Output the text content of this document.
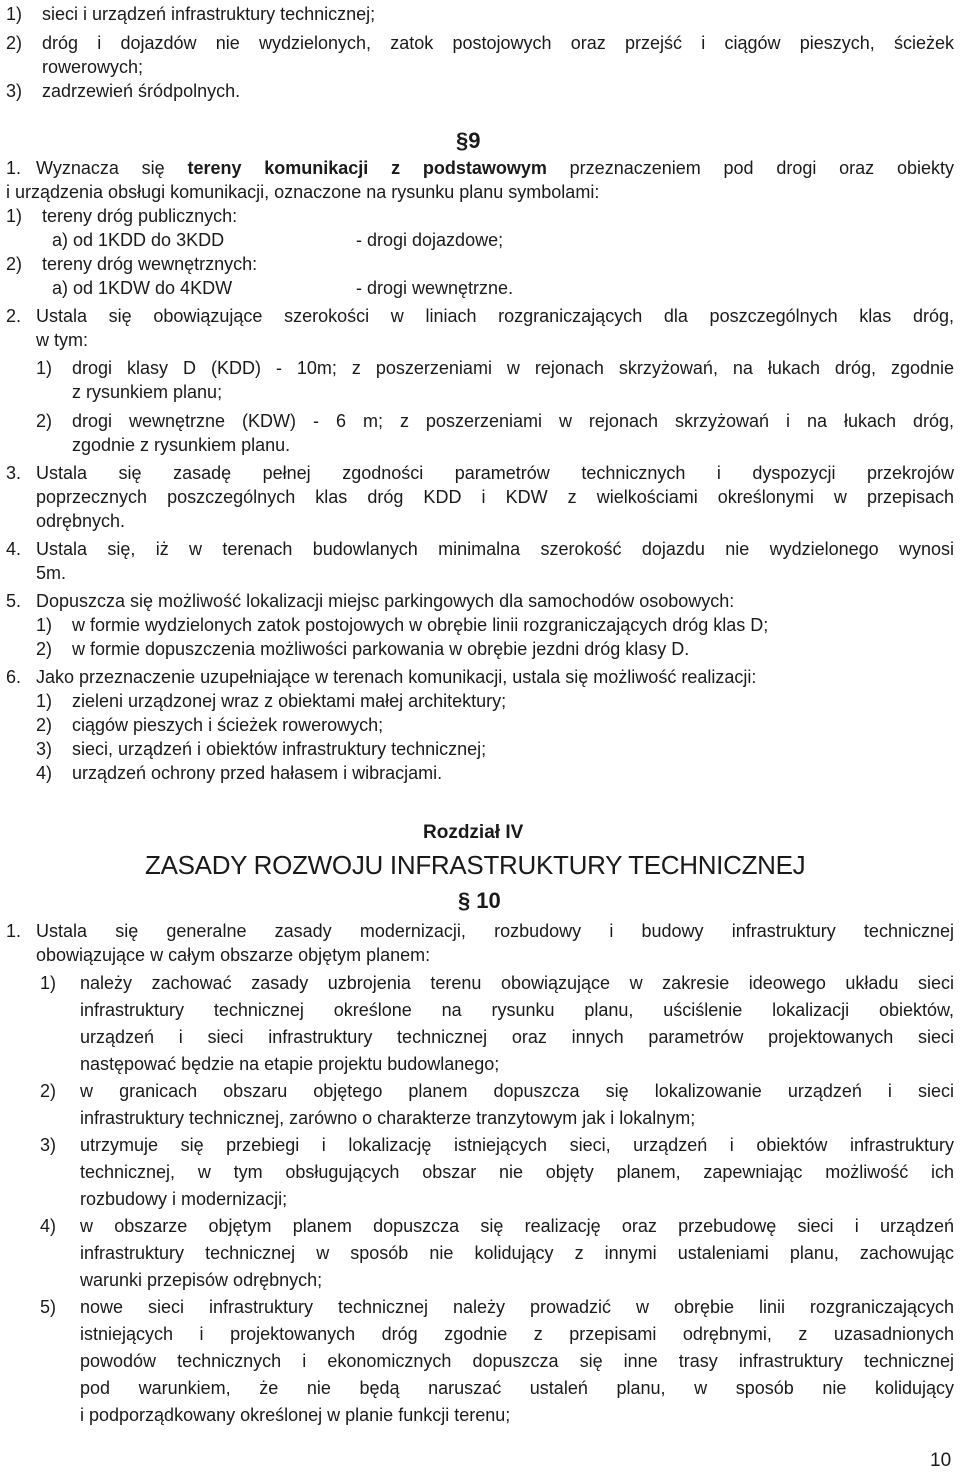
1) sieci i urządzeń infrastruktury technicznej;
2) dróg i dojazdów nie wydzielonych, zatok postojowych oraz przejść i ciągów pieszych, ścieżek
rowerowych;
3) zadrzewień śródpolnych.
§9
1. Wyznacza się tereny komunikacji z podstawowym przeznaczeniem pod drogi oraz obiekty
i urządzenia obsługi komunikacji, oznaczone na rysunku planu symbolami:
1) tereny dróg publicznych:
a) od 1KDD do 3KDD	- drogi dojazdowe;
2) tereny dróg wewnętrznych:
a) od 1KDW do 4KDW	- drogi wewnętrzne.
2. Ustala się obowiązujące szerokości w liniach rozgraniczających dla poszczególnych klas dróg,
w tym:
1) drogi klasy D (KDD) - 10m; z poszerzeniami w rejonach skrzyżowań, na łukach dróg, zgodnie
z rysunkiem planu;
2) drogi wewnętrzne (KDW) - 6 m; z poszerzeniami w rejonach skrzyżowań i na łukach dróg,
zgodnie z rysunkiem planu.
3. Ustala się zasadę pełnej zgodności parametrów technicznych i dyspozycji przekrojów
poprzecznych poszczególnych klas dróg KDD i KDW z wielkościami określonymi w przepisach
odrębnych.
4. Ustala się, iż w terenach budowlanych minimalna szerokość dojazdu nie wydzielonego wynosi
5m.
5. Dopuszcza się możliwość lokalizacji miejsc parkingowych dla samochodów osobowych:
1) w formie wydzielonych zatok postojowych w obrębie linii rozgraniczających dróg klas D;
2) w formie dopuszczenia możliwości parkowania w obrębie jezdni dróg klasy D.
6. Jako przeznaczenie uzupełniające w terenach komunikacji, ustala się możliwość realizacji:
1) zieleni urządzonej wraz z obiektami małej architektury;
2) ciągów pieszych i ścieżek rowerowych;
3) sieci, urządzeń i obiektów infrastruktury technicznej;
4) urządzeń ochrony przed hałasem i wibracjami.
Rozdział IV
ZASADY ROZWOJU INFRASTRUKTURY TECHNICZNEJ
§ 10
1. Ustala się generalne zasady modernizacji, rozbudowy i budowy infrastruktury technicznej
obowiązujące w całym obszarze objętym planem:
1) należy zachować zasady uzbrojenia terenu obowiązujące w zakresie ideowego układu sieci
infrastruktury technicznej określone na rysunku planu, uściślenie lokalizacji obiektów,
urządzeń i sieci infrastruktury technicznej oraz innych parametrów projektowanych sieci
następować będzie na etapie projektu budowlanego;
2) w granicach obszaru objętego planem dopuszcza się lokalizowanie urządzeń i sieci
infrastruktury technicznej, zarówno o charakterze tranzytowym jak i lokalnym;
3) utrzymuje się przebiegi i lokalizację istniejących sieci, urządzeń i obiektów infrastruktury
technicznej, w tym obsługujących obszar nie objęty planem, zapewniając możliwość ich
rozbudowy i modernizacji;
4) w obszarze objętym planem dopuszcza się realizację oraz przebudowę sieci i urządzeń
infrastruktury technicznej w sposób nie kolidujący z innymi ustaleniami planu, zachowując
warunki przepisów odrębnych;
5) nowe sieci infrastruktury technicznej należy prowadzić w obrębie linii rozgraniczających
istniejących i projektowanych dróg zgodnie z przepisami odrębnymi, z uzasadnionych
powodów technicznych i ekonomicznych dopuszcza się inne trasy infrastruktury technicznej
pod warunkiem, że nie będą naruszać ustaleń planu, w sposób nie kolidujący
i podporządkowany określonej w planie funkcji terenu;
10
